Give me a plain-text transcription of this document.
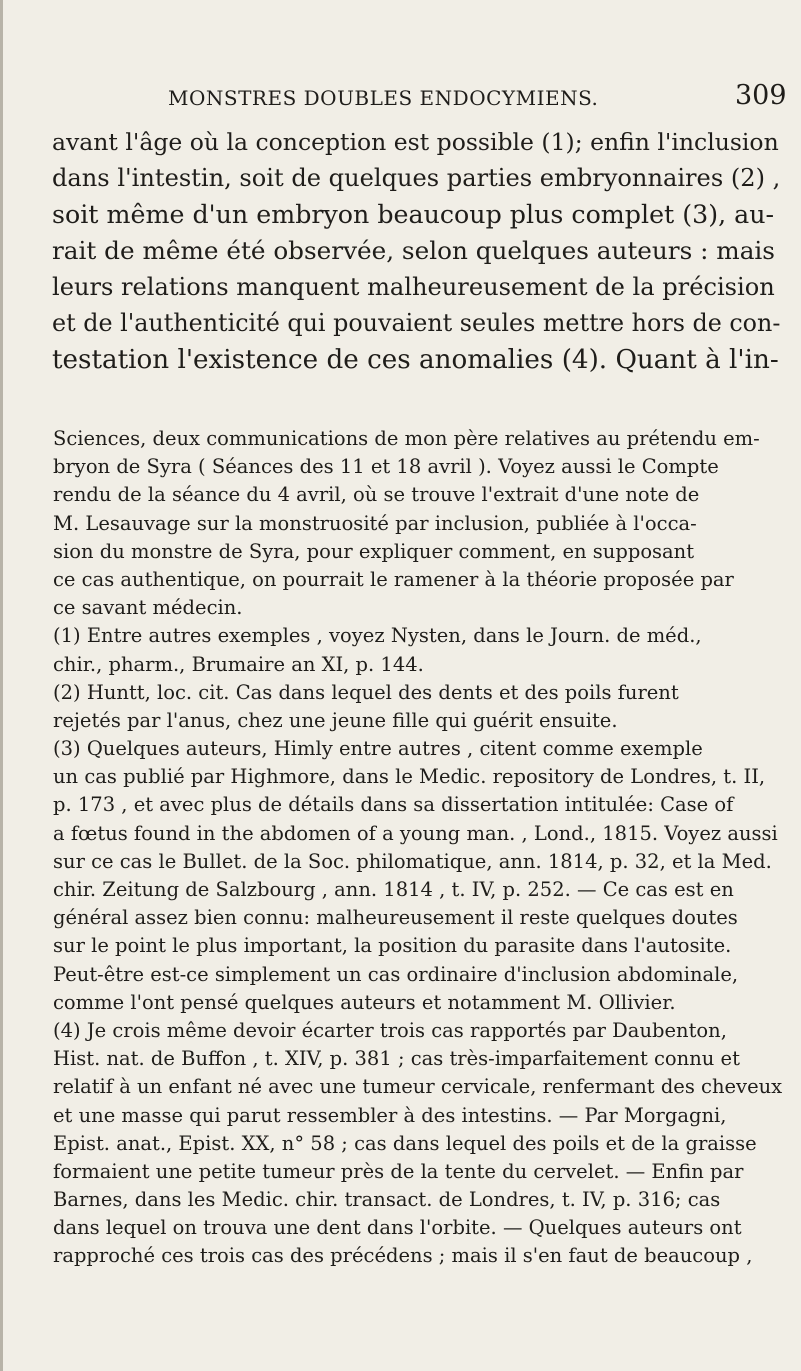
MONSTRES DOUBLES ENDOCYMIENS.	309
avant l'âge où la conception est possible (1); enfin l'inclusion
dans l'intestin, soit de quelques parties embryonnaires (2) ,
soit même d'un embryon beaucoup plus complet (3), au-
rait de même été observée, selon quelques auteurs : mais
leurs relations manquent malheureusement de la précision
et de l'authenticité qui pouvaient seules mettre hors de con-
testation l'existence de ces anomalies (4). Quant à l'in-
Sciences, deux communications de mon père relatives au prétendu em-
bryon de Syra ( Séances des 11 et 18 avril ). Voyez aussi le Compte
rendu de la séance du 4 avril, où se trouve l'extrait d'une note de
M. Lesauvage sur la monstruosité par inclusion, publiée à l'occa-
sion du monstre de Syra, pour expliquer comment, en supposant
ce cas authentique, on pourrait le ramener à la théorie proposée par
ce savant médecin.
(1) Entre autres exemples , voyez Nysten, dans le Journ. de méd.,
chir., pharm., Brumaire an XI, p. 144.
(2) Huntt, loc. cit. Cas dans lequel des dents et des poils furent
rejetés par l'anus, chez une jeune fille qui guérit ensuite.
(3) Quelques auteurs, Himly entre autres , citent comme exemple
un cas publié par Highmore, dans le Medic. repository de Londres, t. II,
p. 173 , et avec plus de détails dans sa dissertation intitulée: Case of
a fœtus found in the abdomen of a young man. , Lond., 1815. Voyez aussi
sur ce cas le Bullet. de la Soc. philomatique, ann. 1814, p. 32, et la Med.
chir. Zeitung de Salzbourg , ann. 1814 , t. IV, p. 252. — Ce cas est en
général assez bien connu: malheureusement il reste quelques doutes
sur le point le plus important, la position du parasite dans l'autosite.
Peut-être est-ce simplement un cas ordinaire d'inclusion abdominale,
comme l'ont pensé quelques auteurs et notamment M. Ollivier.
(4) Je crois même devoir écarter trois cas rapportés par Daubenton,
Hist. nat. de Buffon , t. XIV, p. 381 ; cas très-imparfaitement connu et
relatif à un enfant né avec une tumeur cervicale, renfermant des cheveux
et une masse qui parut ressembler à des intestins. — Par Morgagni,
Epist. anat., Epist. XX, n° 58 ; cas dans lequel des poils et de la graisse
formaient une petite tumeur près de la tente du cervelet. — Enfin par
Barnes, dans les Medic. chir. transact. de Londres, t. IV, p. 316; cas
dans lequel on trouva une dent dans l'orbite. — Quelques auteurs ont
rapproché ces trois cas des précédens ; mais il s'en faut de beaucoup ,
